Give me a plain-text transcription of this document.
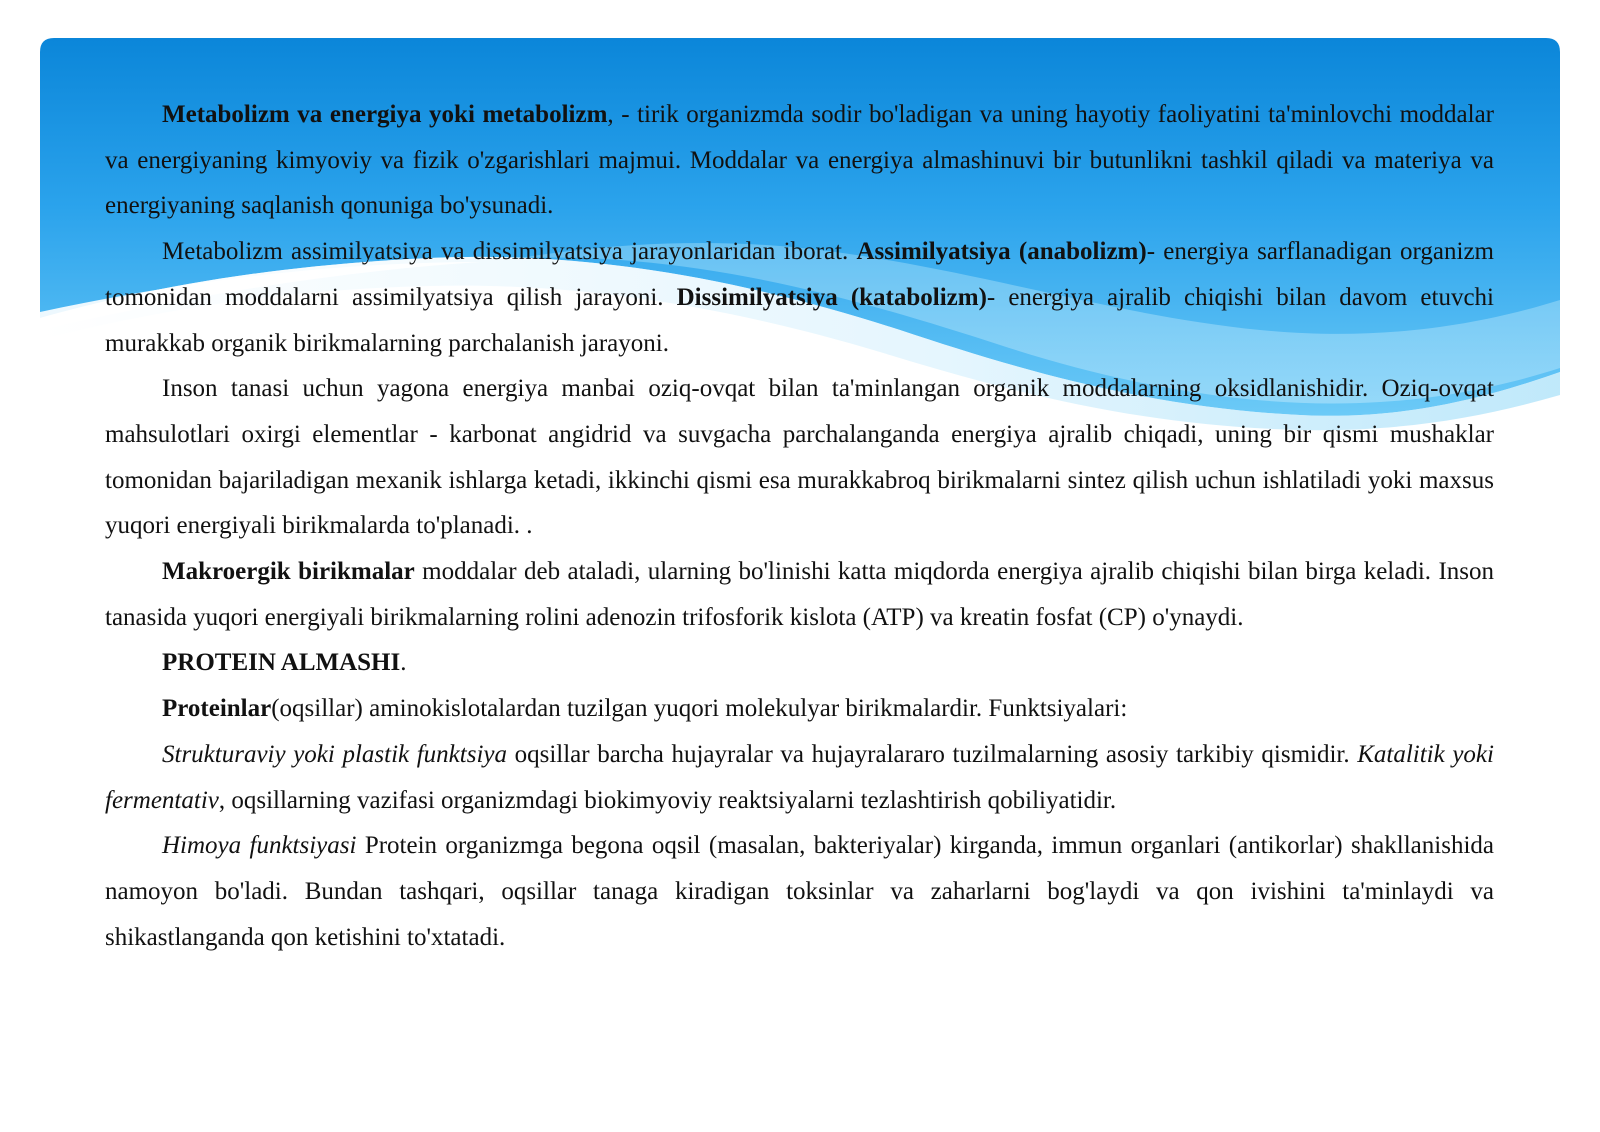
Metabolizm va energiya yoki metabolizm, - tirik organizmda sodir bo'ladigan va uning hayotiy faoliyatini ta'minlovchi moddalar va energiyaning kimyoviy va fizik o'zgarishlari majmui. Moddalar va energiya almashinuvi bir butunlikni tashkil qiladi va materiya va energiyaning saqlanish qonuniga bo'ysunadi.

Metabolizm assimilyatsiya va dissimilyatsiya jarayonlaridan iborat. Assimilyatsiya (anabolizm)- energiya sarflanadigan organizm tomonidan moddalarni assimilyatsiya qilish jarayoni. Dissimilyatsiya (katabolizm)- energiya ajralib chiqishi bilan davom etuvchi murakkab organik birikmalarning parchalanish jarayoni.

Inson tanasi uchun yagona energiya manbai oziq-ovqat bilan ta'minlangan organik moddalarning oksidlanishidir. Oziq-ovqat mahsulotlari oxirgi elementlar - karbonat angidrid va suvgacha parchalanganda energiya ajralib chiqadi, uning bir qismi mushaklar tomonidan bajariladigan mexanik ishlarga ketadi, ikkinchi qismi esa murakkabroq birikmalarni sintez qilish uchun ishlatiladi yoki maxsus yuqori energiyali birikmalarda to'planadi. .

Makroergik birikmalar moddalar deb ataladi, ularning bo'linishi katta miqdorda energiya ajralib chiqishi bilan birga keladi. Inson tanasida yuqori energiyali birikmalarning rolini adenozin trifosforik kislota (ATP) va kreatin fosfat (CP) o'ynaydi.

PROTEIN ALMASHI.

Proteinlar(oqsillar) aminokislotalardan tuzilgan yuqori molekulyar birikmalardir. Funktsiyalari:

Strukturaviy yoki plastik funktsiya oqsillar barcha hujayralar va hujayralararo tuzilmalarning asosiy tarkibiy qismidir. Katalitik yoki fermentativ, oqsillarning vazifasi organizmdagi biokimyoviy reaktsiyalarni tezlashtirish qobiliyatidir.

Himoya funktsiyasi Protein organizmga begona oqsil (masalan, bakteriyalar) kirganda, immun organlari (antikorlar) shakllanishida namoyon bo'ladi. Bundan tashqari, oqsillar tanaga kiradigan toksinlar va zaharlarni bog'laydi va qon ivishini ta'minlaydi va shikastlanganda qon ketishini to'xtatadi.
